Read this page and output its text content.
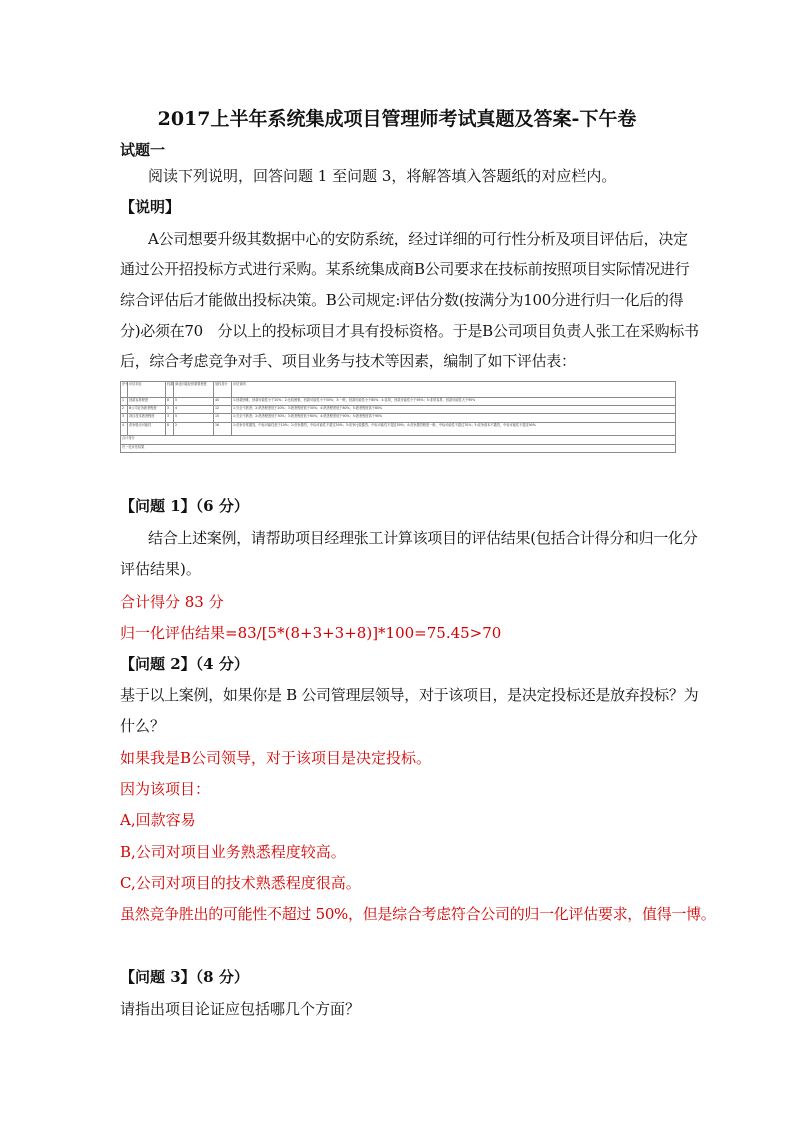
2017上半年系统集成项目管理师考试真题及答案-下午卷
试题一
阅读下列说明，回答问题 1 至问题 3，将解答填入答题纸的对应栏内。
【说明】
A公司想要升级其数据中心的安防系统，经过详细的可行性分析及项目评估后，决定
通过公开招投标方式进行采购。某系统集成商B公司要求在技标前按照项目实际情况进行
综合评估后才能做出投标决策。B公司规定:评估分数(按满分为100分进行归一化后的得
分)必须在70　分以上的投标项目才具有投标资格。于是B公司项目负责人张工在采购标书
后，综合考虑竞争对手、项目业务与技术等因素，编制了如下评估表：
序号	评估项目	权重	商业因素经营重要程度	加权得分	评估说明
1	回款容易程度	8	5	40	1:回款困难，回款可能性小于20%；2:比较困难，回款可能性小于50%；3:一般，回款可能性小于80%；4:容易，回款可能性小于95%；5:非常容易，回款可能性大于95%
2	B公司业务熟悉程度	3	4	12	1:完全不熟悉；2:熟悉程度低于20%；3:熟悉程度低于50%；4:熟悉程度低于80%；5:熟悉程度高于80%
3	项目技术熟悉程度	3	5	15	1:完全不熟悉；2:熟悉程度低于30%；3:熟悉程度低于60%；4:熟悉程度低于90%；5:熟悉程度高于90%
4	竞争胜出可能性	8	2	16	1:竞争非常激烈，中标可能性低于10%；2:竞争激烈，中标可能性不超过30%；3:竞争比较激烈，中标可能性不超过50%；4:竞争激烈程度一般，中标可能性不超过70%；5:竞争基本不激烈，中标可能性不超过90%
合计得分					
归一化评估结果					
【问题 1】（6 分）
结合上述案例，请帮助项目经理张工计算该项目的评估结果(包括合计得分和归一化分
评估结果)。
合计得分 83 分
归一化评估结果=83/[5*(8+3+3+8)]*100=75.45>70
【问题 2】（4 分）
基于以上案例，如果你是 B 公司管理层领导，对于该项目，是决定投标还是放弃投标？为
什么？
如果我是B公司领导，对于该项目是决定投标。
因为该项目：
A,回款容易
B,公司对项目业务熟悉程度较高。
C,公司对项目的技术熟悉程度很高。
虽然竞争胜出的可能性不超过 50%，但是综合考虑符合公司的归一化评估要求，值得一博。
【问题 3】（8 分）
请指出项目论证应包括哪几个方面？
